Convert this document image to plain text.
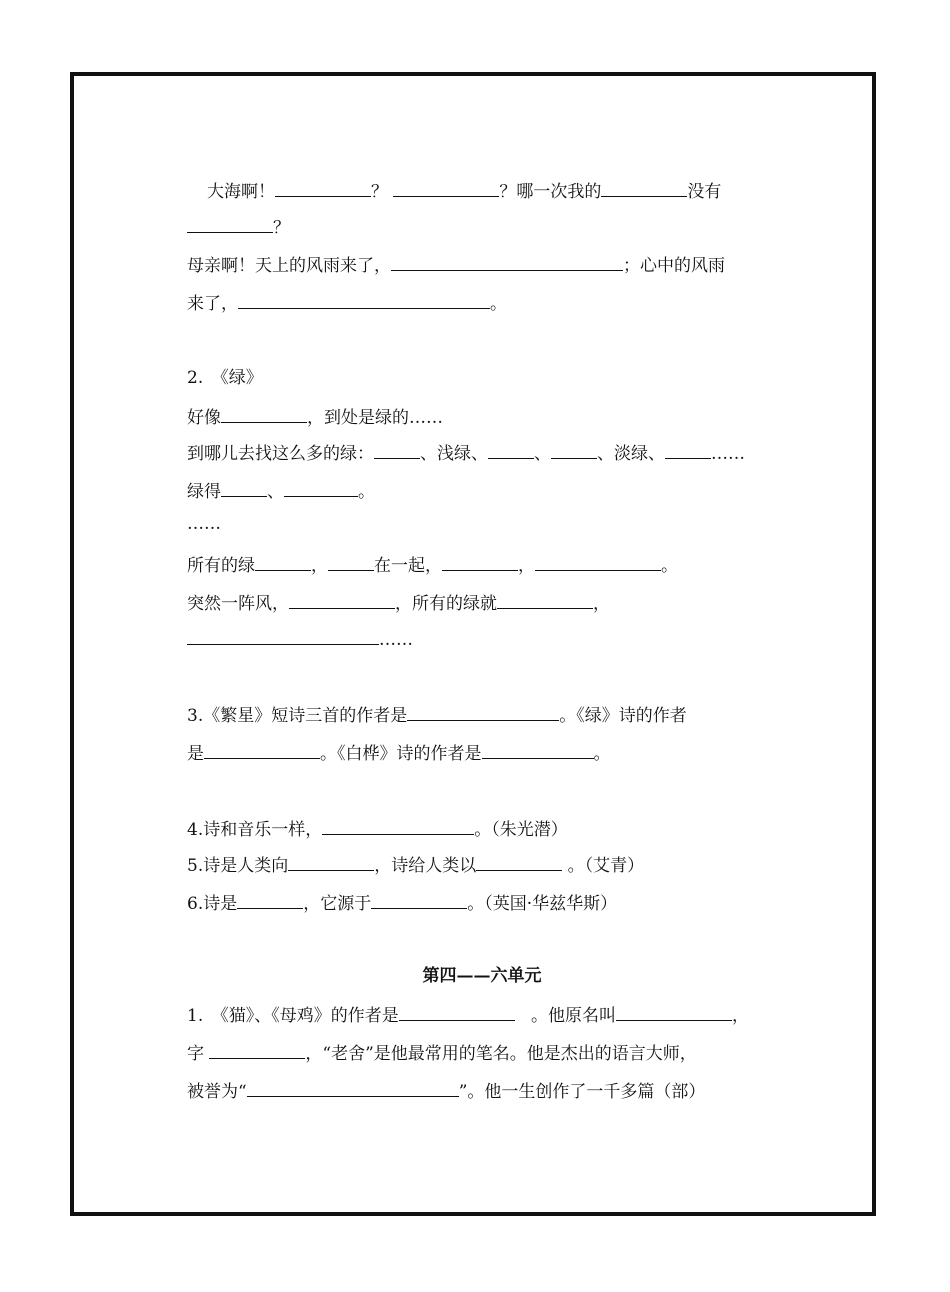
大海啊！	？	？哪一次我的	没有
？
母亲啊！天上的风雨来了，	；心中的风雨
来了，	。
2.　《绿》
好像	，到处是绿的……
到哪儿去找这么多的绿：	、浅绿、	、	、淡绿、	……
绿得	、	。
……
所有的绿	，	在一起，	，	。
突然一阵风，	，所有的绿就	，
……
3.《繁星》短诗三首的作者是	。《绿》诗的作者
是	。《白桦》诗的作者是	。
4.诗和音乐一样，	。（朱光潜）
5.诗是人类向	，诗给人类以	。（艾青）
6.诗是	，它源于	。（英国·华兹华斯）
第四——六单元
1.　《猫》、《母鸡》的作者是	。他原名叫	，
字	，“老舍”是他最常用的笔名。他是杰出的语言大师，
被誉为“	”。他一生创作了一千多篇（部）
